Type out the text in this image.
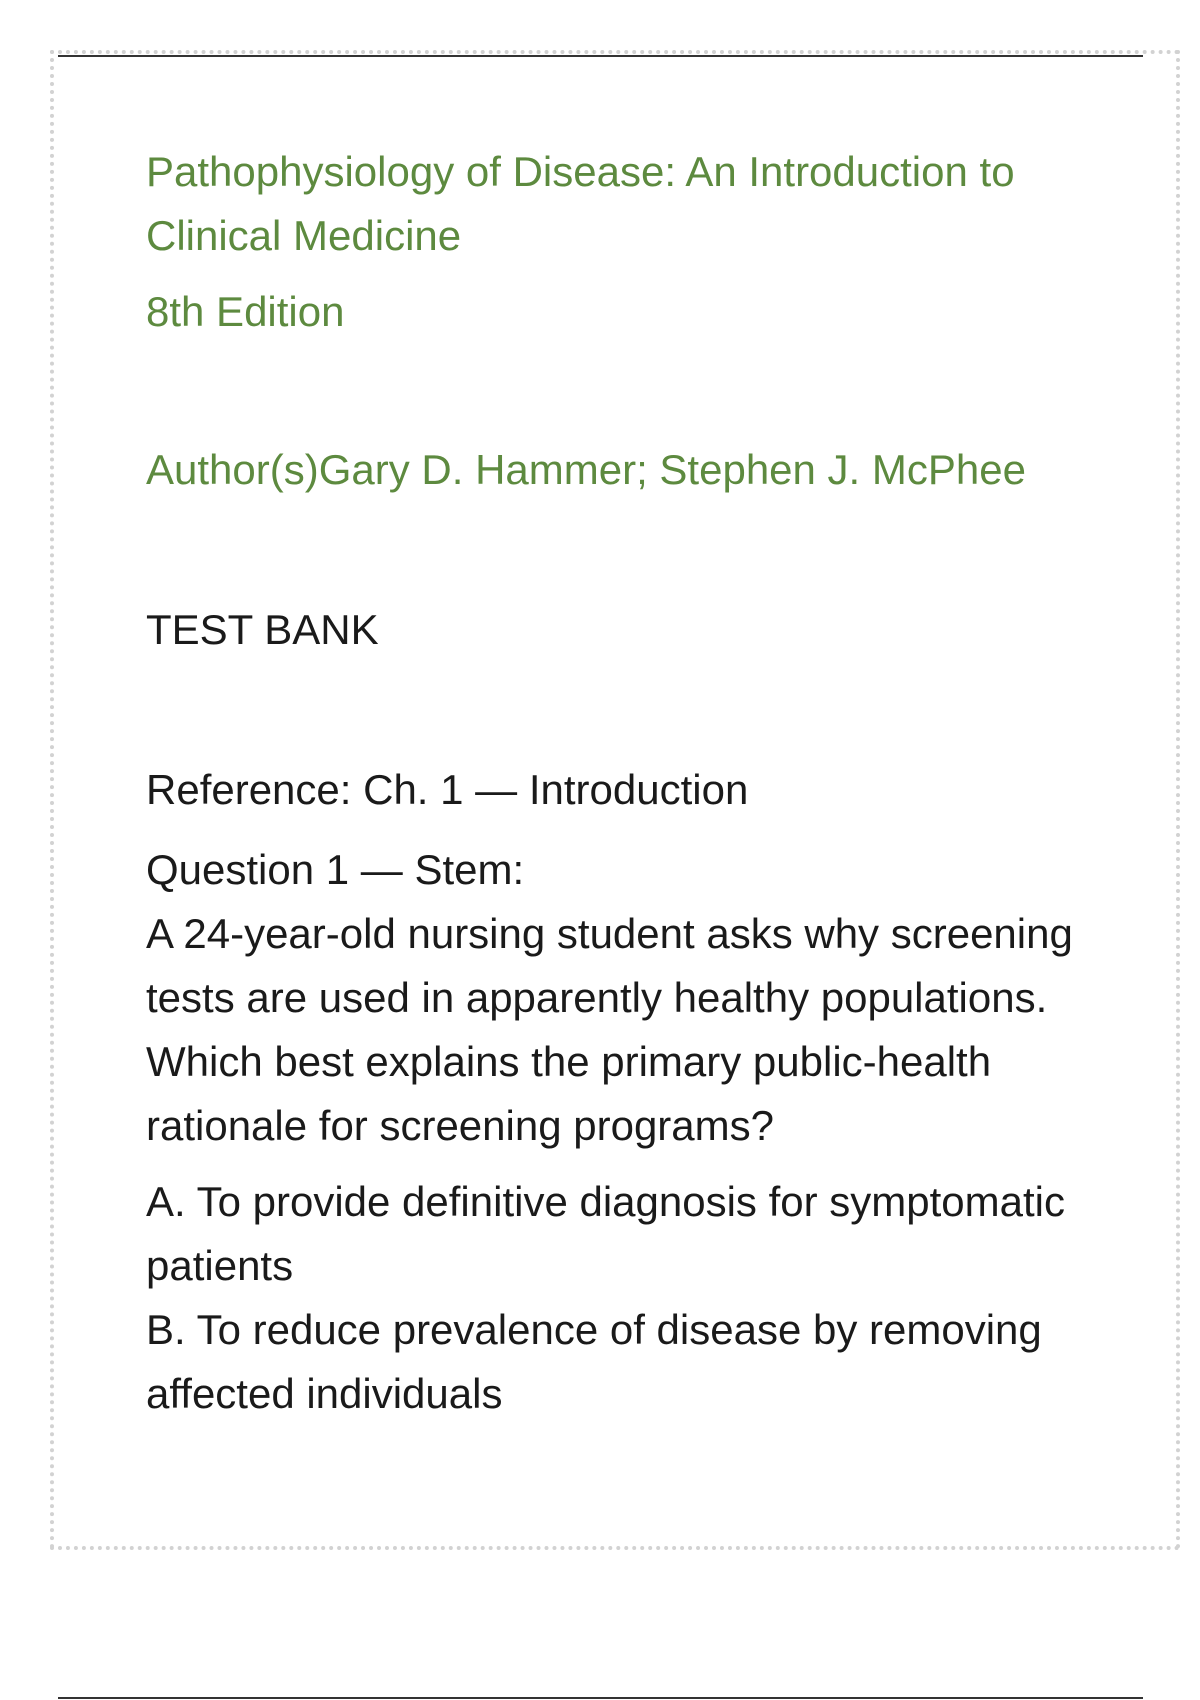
Pathophysiology of Disease: An Introduction to Clinical Medicine

8th Edition

Author(s)Gary D. Hammer; Stephen J. McPhee

TEST BANK

Reference: Ch. 1 — Introduction

Question 1 — Stem:

A 24-year-old nursing student asks why screening tests are used in apparently healthy populations. Which best explains the primary public-health rationale for screening programs?

A. To provide definitive diagnosis for symptomatic patients

B. To reduce prevalence of disease by removing affected individuals
